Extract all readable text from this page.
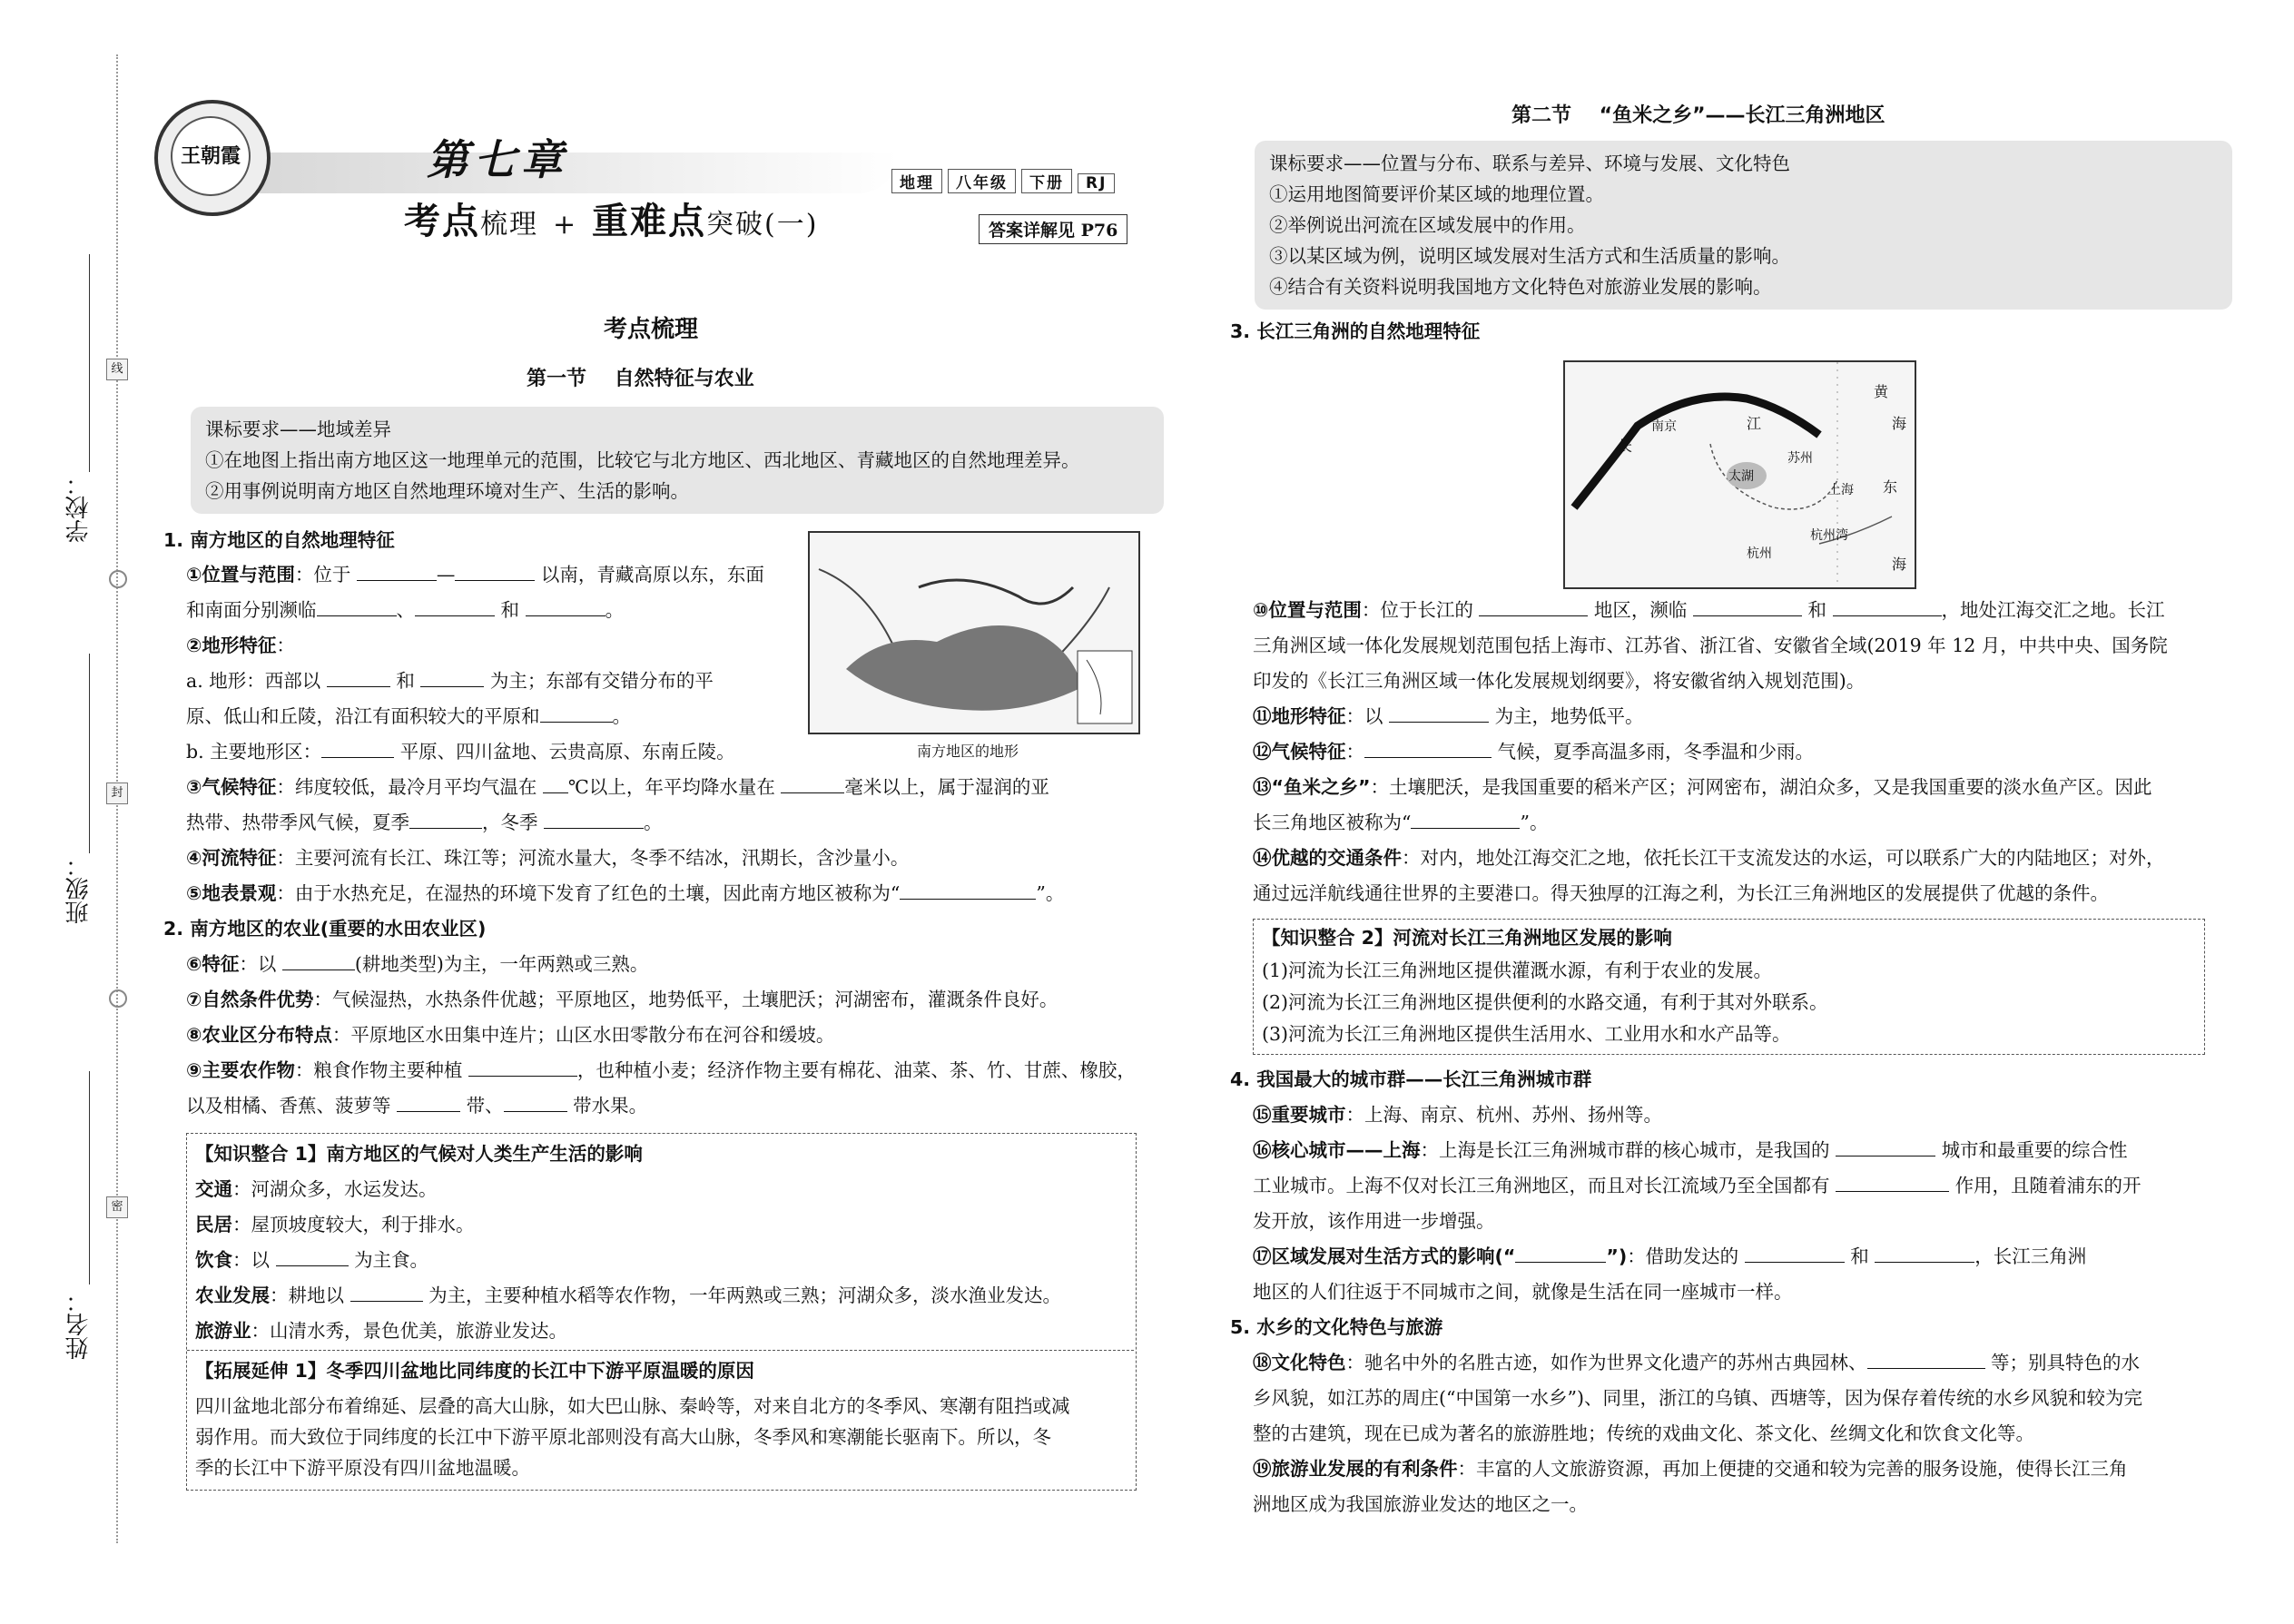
学校：
班级：
姓名：
线
封
密
王朝霞	第七章
考点梳理 + 重难点突破(一)
地理 八年级 下册 RJ
答案详解见 P76
考点梳理
第一节    自然特征与农业
课标要求——地域差异
①在地图上指出南方地区这一地理单元的范围，比较它与北方地区、西北地区、青藏地区的自然地理差异。
②用事例说明南方地区自然地理环境对生产、生活的影响。
1. 南方地区的自然地理特征
①位置与范围：位于	—	以南，青藏高原以东，东面
和南面分别濒临	、	和	。
②地形特征：
a. 地形：西部以	和	为主；东部有交错分布的平
原、低山和丘陵，沿江有面积较大的平原和	。
b. 主要地形区：	平原、四川盆地、云贵高原、东南丘陵。	南方地区的地形
③气候特征：纬度较低，最冷月平均气温在 ℃以上，年平均降水量在	毫米以上，属于湿润的亚
热带、热带季风气候，夏季	，冬季	。
④河流特征：主要河流有长江、珠江等；河流水量大，冬季不结冰，汛期长，含沙量小。
⑤地表景观：由于水热充足，在湿热的环境下发育了红色的土壤，因此南方地区被称为“	”。
2. 南方地区的农业(重要的水田农业区)
⑥特征：以	(耕地类型)为主，一年两熟或三熟。
⑦自然条件优势：气候湿热，水热条件优越；平原地区，地势低平，土壤肥沃；河湖密布，灌溉条件良好。
⑧农业区分布特点：平原地区水田集中连片；山区水田零散分布在河谷和缓坡。
⑨主要农作物：粮食作物主要种植	，也种植小麦；经济作物主要有棉花、油菜、茶、竹、甘蔗、橡胶，
以及柑橘、香蕉、菠萝等	带、	带水果。
【知识整合 1】南方地区的气候对人类生产生活的影响
交通：河湖众多，水运发达。
民居：屋顶坡度较大，利于排水。
饮食：以	为主食。
农业发展：耕地以	为主，主要种植水稻等农作物，一年两熟或三熟；河湖众多，淡水渔业发达。
旅游业：山清水秀，景色优美，旅游业发达。
【拓展延伸 1】冬季四川盆地比同纬度的长江中下游平原温暖的原因
四川盆地北部分布着绵延、层叠的高大山脉，如大巴山脉、秦岭等，对来自北方的冬季风、寒潮有阻挡或减
弱作用。而大致位于同纬度的长江中下游平原北部则没有高大山脉，冬季风和寒潮能长驱南下。所以，冬
季的长江中下游平原没有四川盆地温暖。
第二节    “鱼米之乡”——长江三角洲地区
课标要求——位置与分布、联系与差异、环境与发展、文化特色
①运用地图简要评价某区域的地理位置。
②举例说出河流在区域发展中的作用。
③以某区域为例，说明区域发展对生活方式和生活质量的影响。
④结合有关资料说明我国地方文化特色对旅游业发展的影响。
3. 长江三角洲的自然地理特征
黄
海
东
海
长
江
南京
苏州
太湖
上海
杭州
杭州湾
⑩位置与范围：位于长江的	地区，濒临	和	，地处江海交汇之地。长江
三角洲区域一体化发展规划范围包括上海市、江苏省、浙江省、安徽省全域(2019 年 12 月，中共中央、国务院
印发的《长江三角洲区域一体化发展规划纲要》，将安徽省纳入规划范围)。
⑪地形特征：以	为主，地势低平。
⑫气候特征：	气候，夏季高温多雨，冬季温和少雨。
⑬“鱼米之乡”：土壤肥沃，是我国重要的稻米产区；河网密布，湖泊众多，又是我国重要的淡水鱼产区。因此
长三角地区被称为“	”。
⑭优越的交通条件：对内，地处江海交汇之地，依托长江干支流发达的水运，可以联系广大的内陆地区；对外，
通过远洋航线通往世界的主要港口。得天独厚的江海之利，为长江三角洲地区的发展提供了优越的条件。
【知识整合 2】河流对长江三角洲地区发展的影响
(1)河流为长江三角洲地区提供灌溉水源，有利于农业的发展。
(2)河流为长江三角洲地区提供便利的水路交通，有利于其对外联系。
(3)河流为长江三角洲地区提供生活用水、工业用水和水产品等。
4. 我国最大的城市群——长江三角洲城市群
⑮重要城市：上海、南京、杭州、苏州、扬州等。
⑯核心城市——上海：上海是长江三角洲城市群的核心城市，是我国的	城市和最重要的综合性
工业城市。上海不仅对长江三角洲地区，而且对长江流域乃至全国都有	作用，且随着浦东的开
发开放，该作用进一步增强。
⑰区域发展对生活方式的影响(“	”)：借助发达的	和	，长江三角洲
地区的人们往返于不同城市之间，就像是生活在同一座城市一样。
5. 水乡的文化特色与旅游
⑱文化特色：驰名中外的名胜古迹，如作为世界文化遗产的苏州古典园林、	等；别具特色的水
乡风貌，如江苏的周庄(“中国第一水乡”)、同里，浙江的乌镇、西塘等，因为保存着传统的水乡风貌和较为完
整的古建筑，现在已成为著名的旅游胜地；传统的戏曲文化、茶文化、丝绸文化和饮食文化等。
⑲旅游业发展的有利条件：丰富的人文旅游资源，再加上便捷的交通和较为完善的服务设施，使得长江三角
洲地区成为我国旅游业发达的地区之一。
